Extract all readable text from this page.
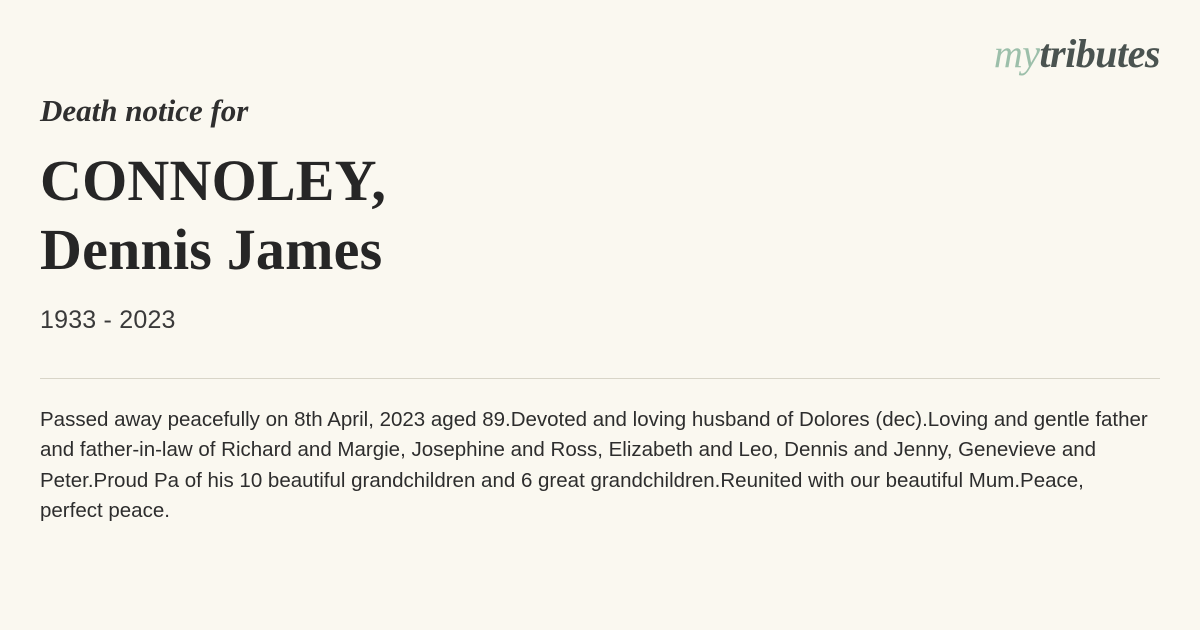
mytributes
Death notice for
CONNOLEY,
Dennis James
1933 - 2023
Passed away peacefully on 8th April, 2023 aged 89.Devoted and loving husband of Dolores (dec).Loving and gentle father and father-in-law of Richard and Margie, Josephine and Ross, Elizabeth and Leo, Dennis and Jenny, Genevieve and Peter.Proud Pa of his 10 beautiful grandchildren and 6 great grandchildren.Reunited with our beautiful Mum.Peace, perfect peace.
